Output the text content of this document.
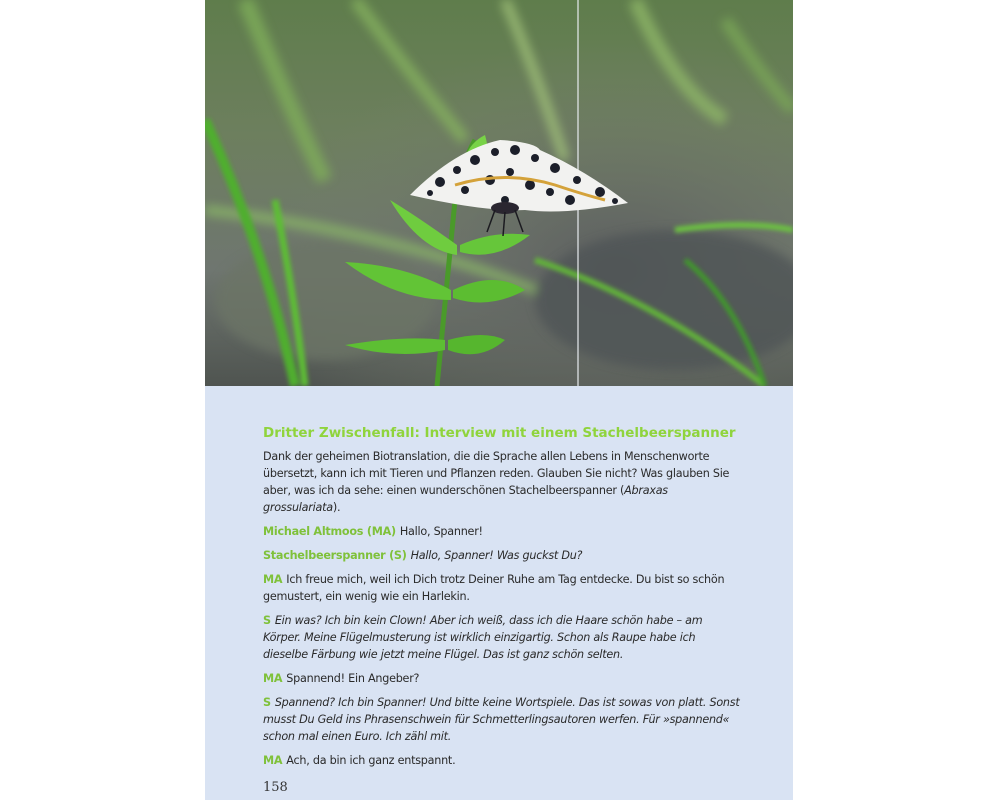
Dritter Zwischenfall: Interview mit einem Stachelbeerspanner

Dank der geheimen Biotranslation, die die Sprache allen Lebens in Menschenworte übersetzt, kann ich mit Tieren und Pflanzen reden. Glauben Sie nicht? Was glauben Sie aber, was ich da sehe: einen wunderschönen Stachelbeerspanner (Abraxas grossulariata).

Michael Altmoos (MA) Hallo, Spanner!

Stachelbeerspanner (S) Hallo, Spanner! Was guckst Du?

MA Ich freue mich, weil ich Dich trotz Deiner Ruhe am Tag entdecke. Du bist so schön gemustert, ein wenig wie ein Harlekin.

S Ein was? Ich bin kein Clown! Aber ich weiß, dass ich die Haare schön habe – am Körper. Meine Flügelmusterung ist wirklich einzigartig. Schon als Raupe habe ich dieselbe Färbung wie jetzt meine Flügel. Das ist ganz schön selten.

MA Spannend! Ein Angeber?

S Spannend? Ich bin Spanner! Und bitte keine Wortspiele. Das ist sowas von platt. Sonst musst Du Geld ins Phrasenschwein für Schmetterlingsautoren werfen. Für »spannend« schon mal einen Euro. Ich zähl mit.

MA Ach, da bin ich ganz entspannt.

158
